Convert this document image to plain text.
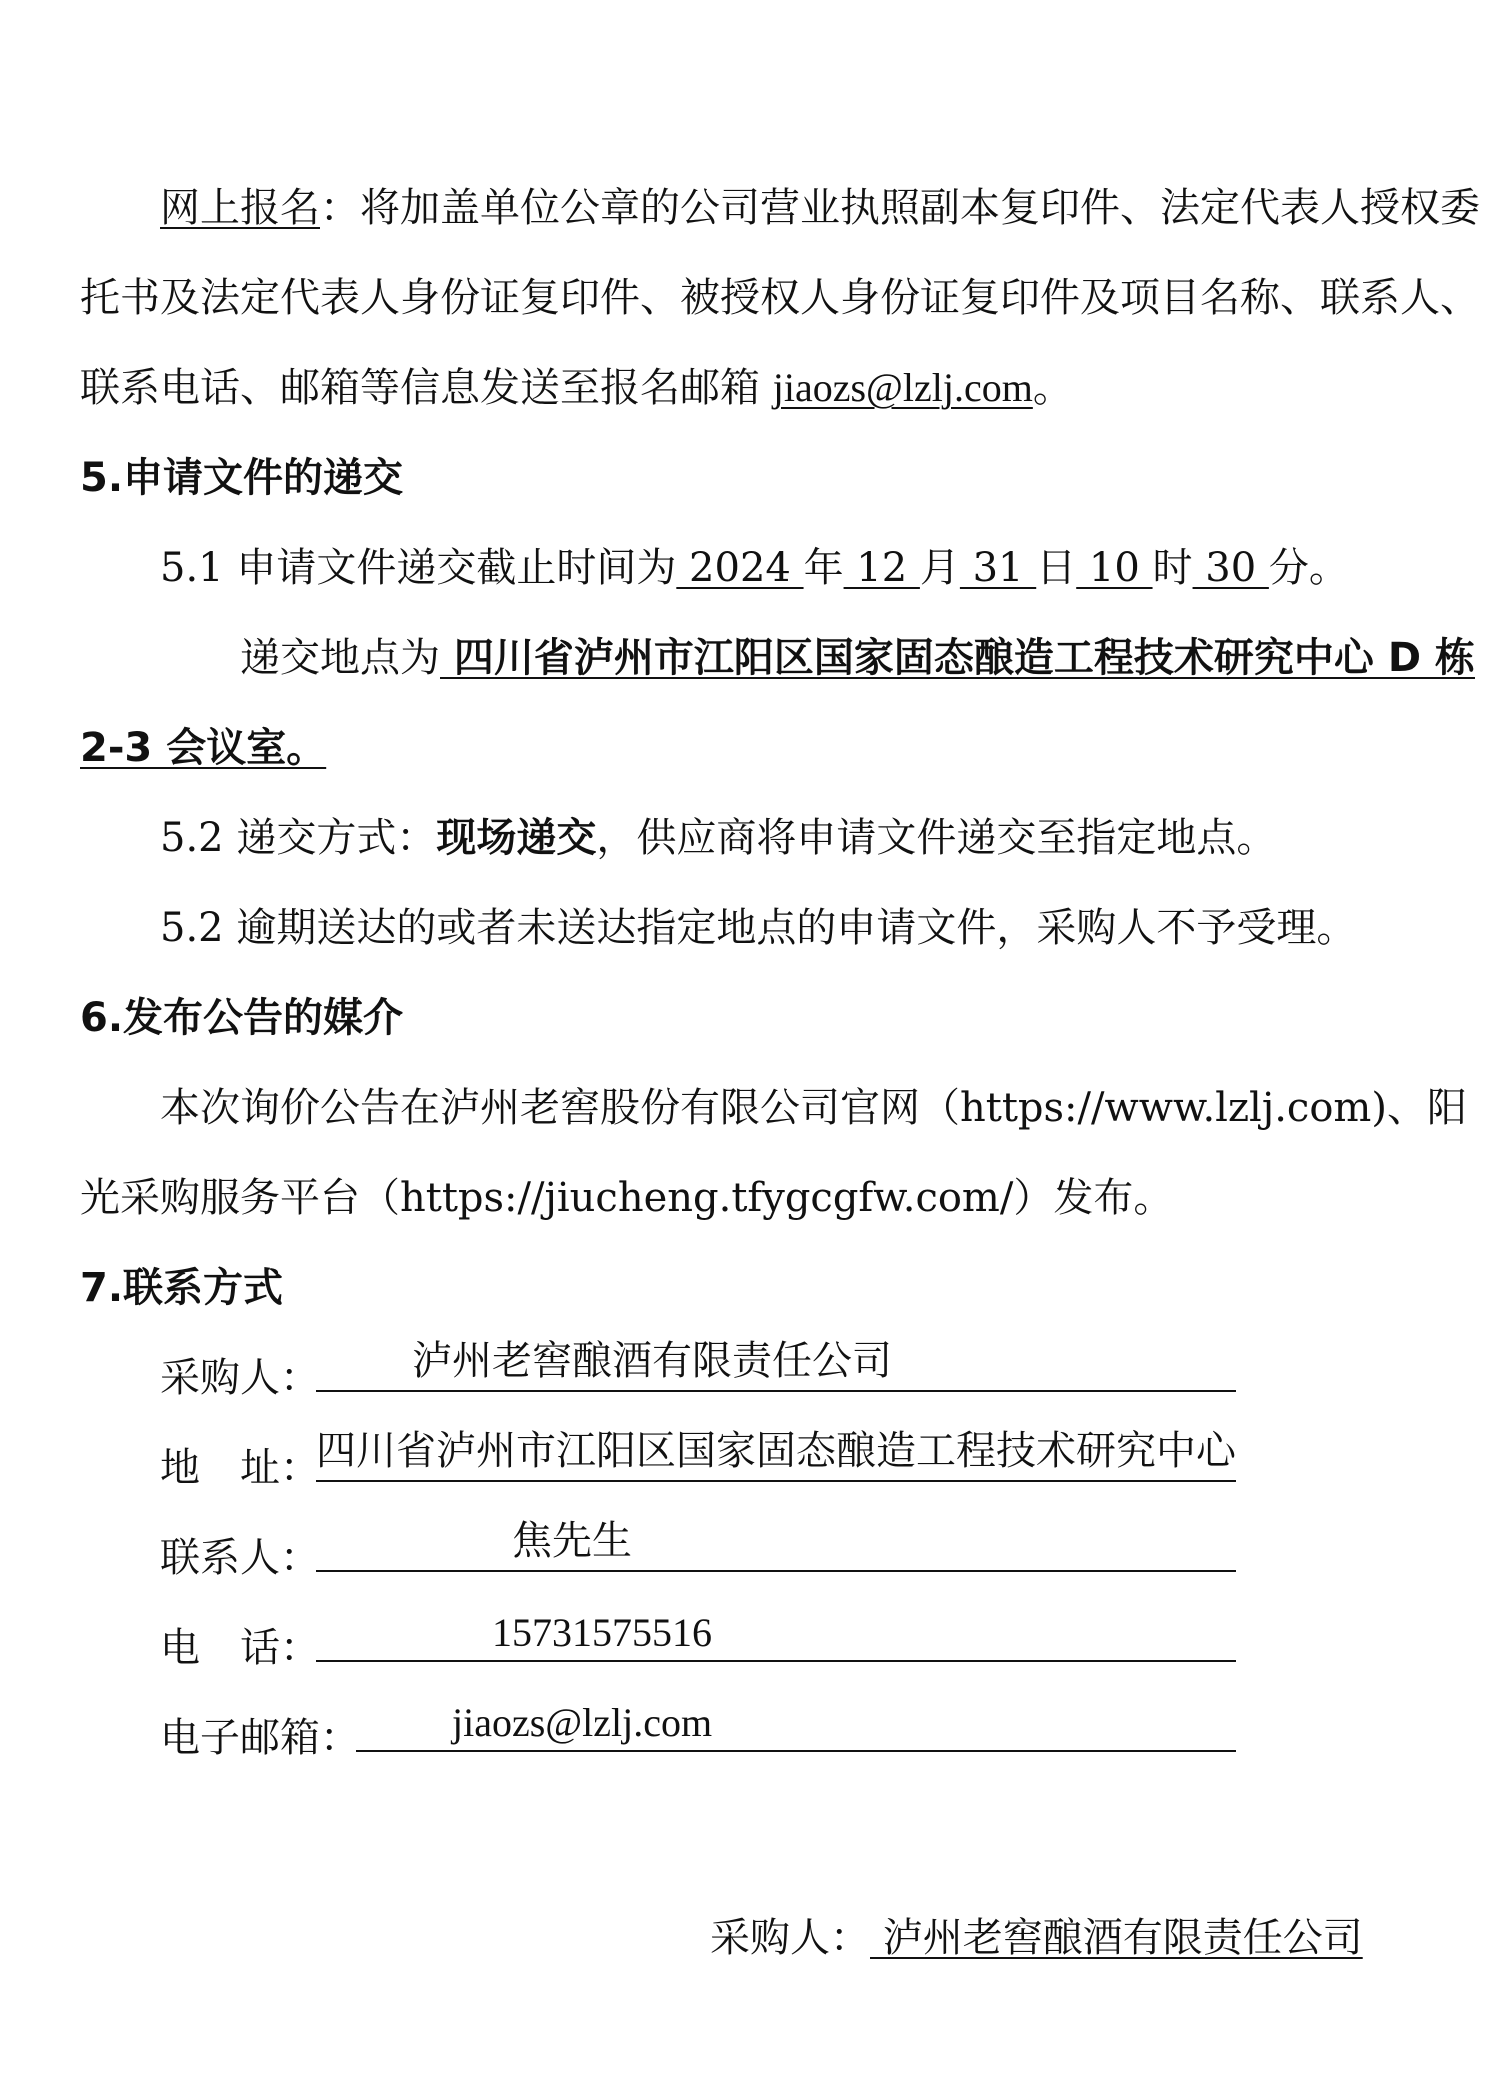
网上报名：将加盖单位公章的公司营业执照副本复印件、法定代表人授权委
托书及法定代表人身份证复印件、被授权人身份证复印件及项目名称、联系人、
联系电话、邮箱等信息发送至报名邮箱 jiaozs@lzlj.com。
5.申请文件的递交
5.1 申请文件递交截止时间为 2024 年 12 月 31 日 10 时 30 分。
递交地点为 四川省泸州市江阳区国家固态酿造工程技术研究中心 D 栋
2-3 会议室。
5.2 递交方式：现场递交，供应商将申请文件递交至指定地点。
5.2 逾期送达的或者未送达指定地点的申请文件，采购人不予受理。
6.发布公告的媒介
本次询价公告在泸州老窖股份有限公司官网（https://www.lzlj.com)、阳
光采购服务平台（https://jiucheng.tfygcgfw.com/）发布。
7.联系方式
采购人： 泸州老窖酿酒有限责任公司
地　址：
四川省泸州市江阳区国家固态酿造工程技术研究中心
联系人：	焦先生
电　话：	15731575516
电子邮箱： jiaozs@lzlj.com
采购人： 泸州老窖酿酒有限责任公司
